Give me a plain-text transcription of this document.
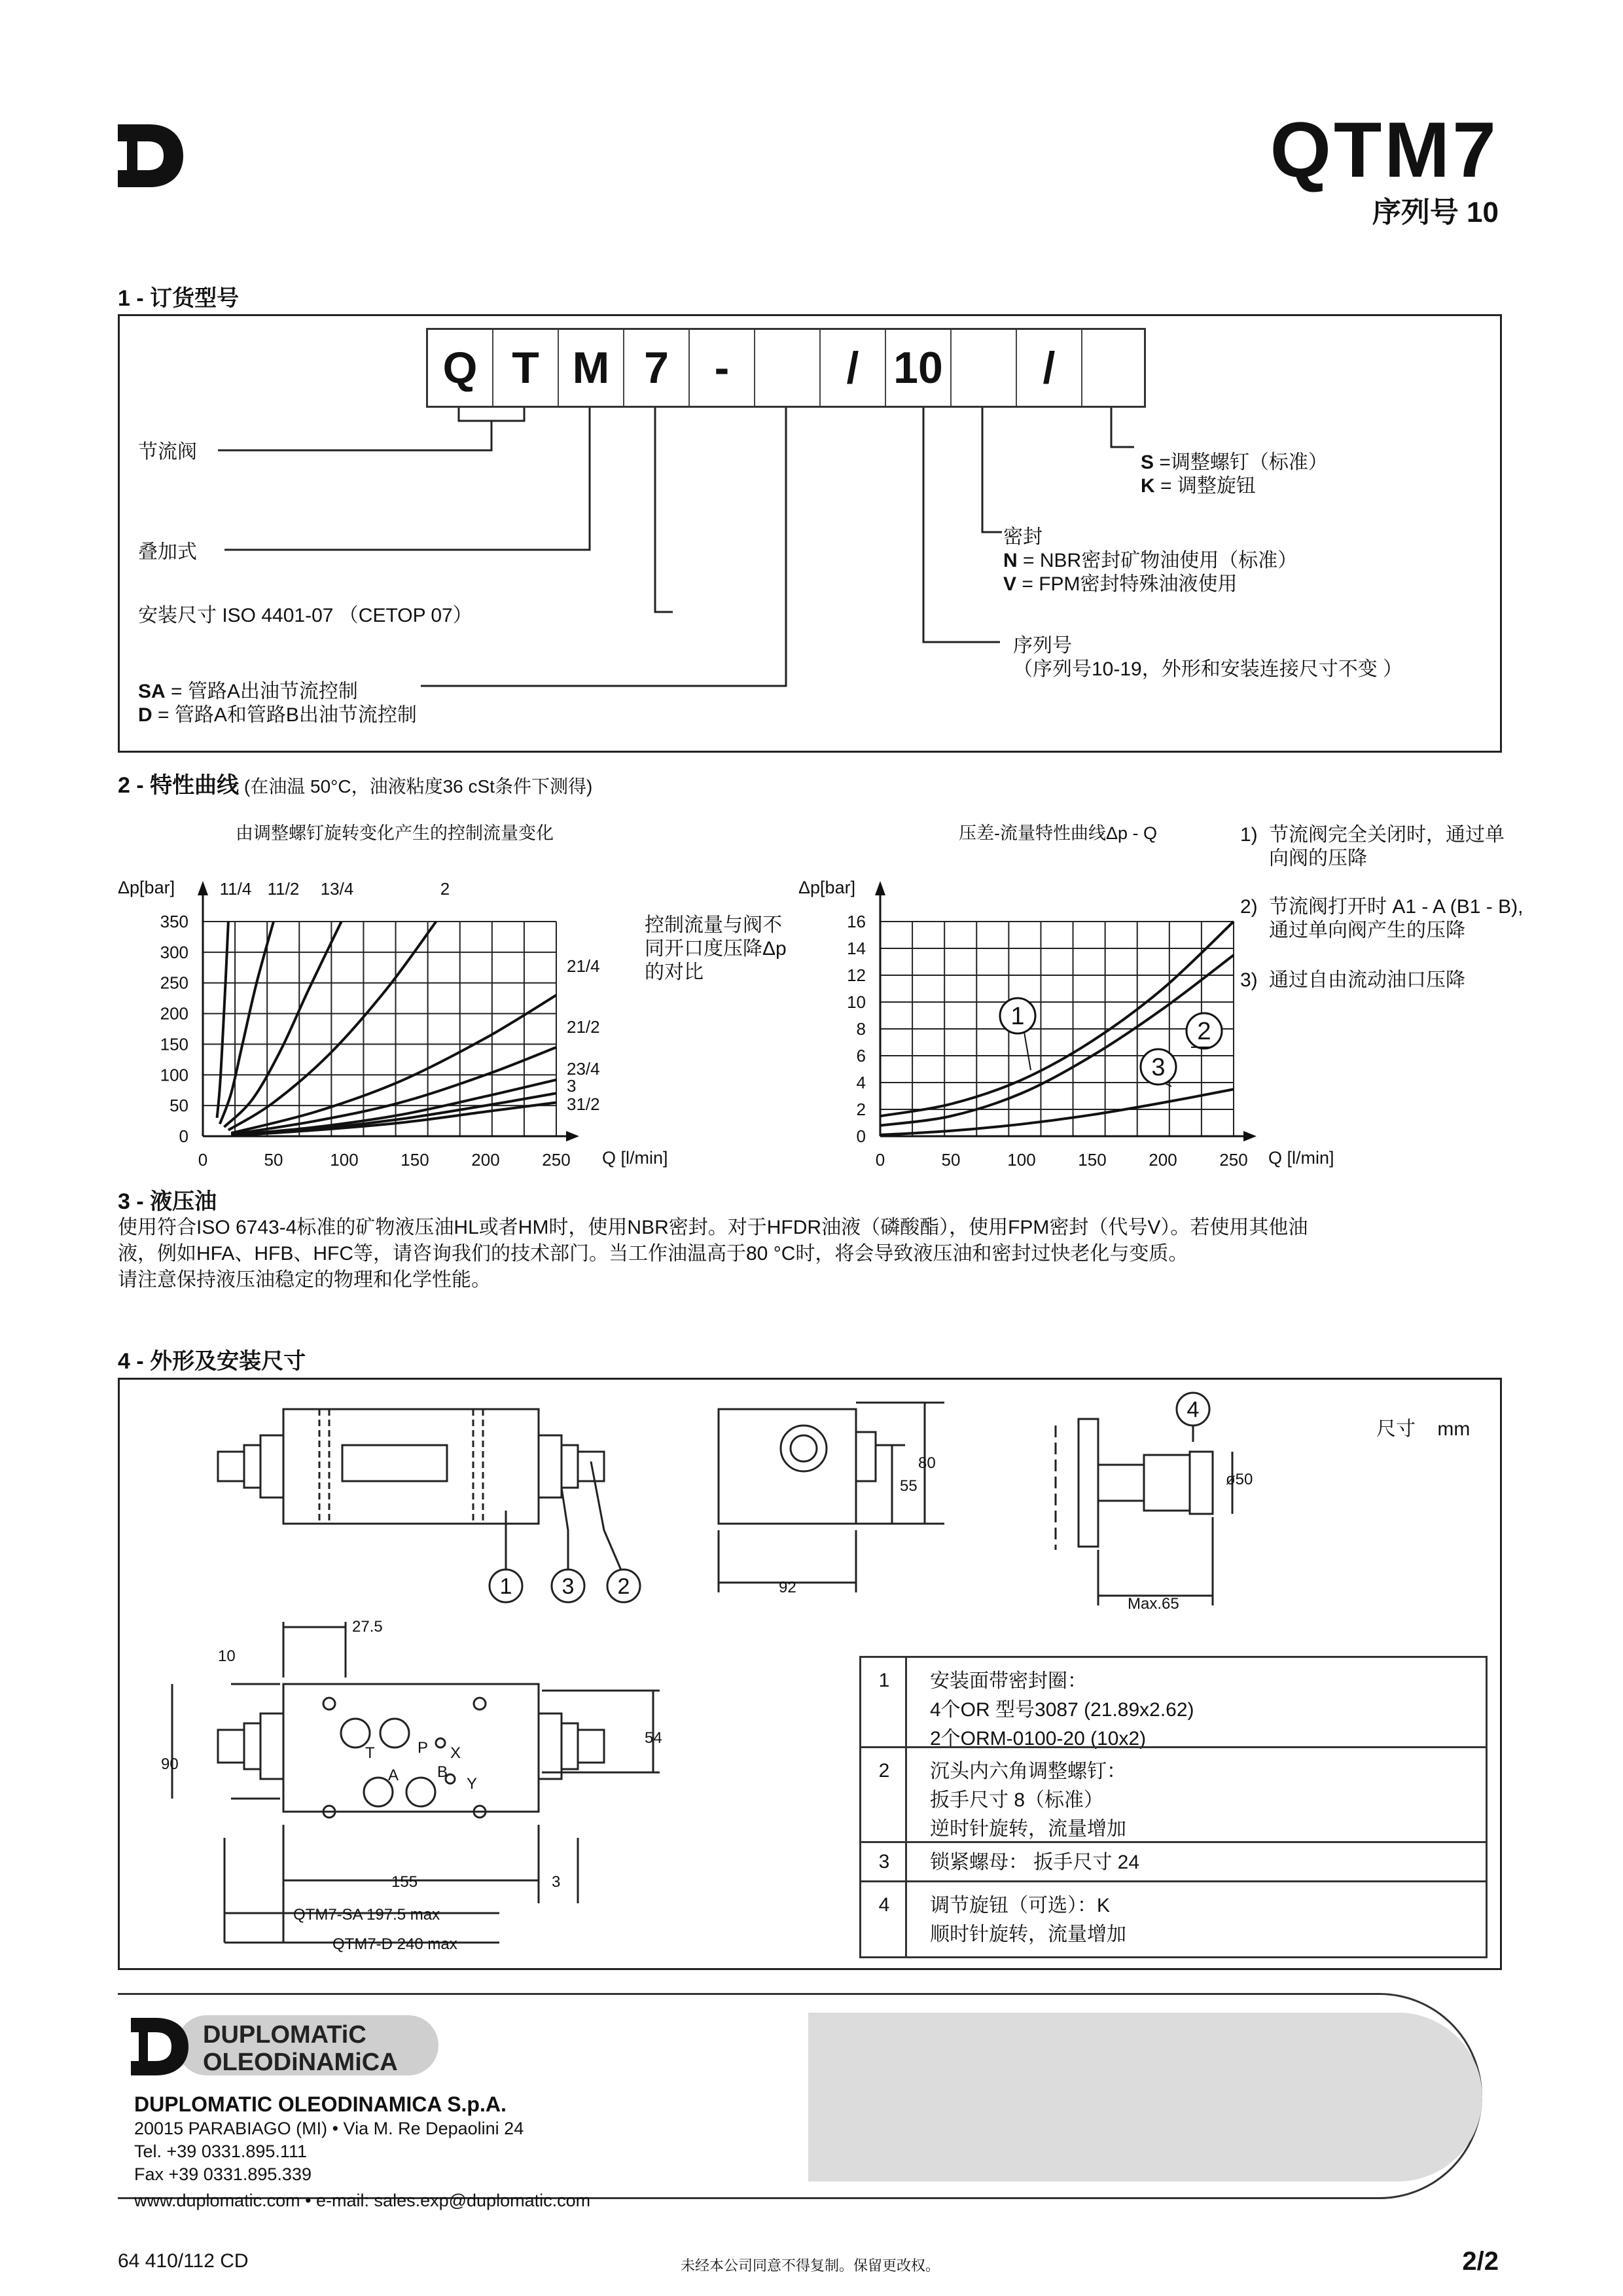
QTM7
序列号 10
1 - 订货型号
Q T M 7	-	/ 10	/
节流阀
叠加式
安装尺寸 ISO 4401-07 （CETOP 07）
SA = 管路A出油节流控制
D = 管路A和管路B出油节流控制
S =调整螺钉（标准）
K = 调整旋钮
密封
N = NBR密封矿物油使用（标准）
V = FPM密封特殊油液使用
序列号
（序列号10-19，外形和安装连接尺寸不变 ）
2 - 特性曲线 (在油温 50°C，油液粘度36 cSt条件下测得)
由调整螺钉旋转变化产生的控制流量变化
Δp[bar]
Q [l/min]
0	50	100 150 200 250
0
50
100
150
200
250
300
350
11/4 11/2 13/4	2
21/4
21/2
23/4
3
31/2
控制流量与阀不
同开口度压降Δp
的对比
压差-流量特性曲线Δp - Q
Δp[bar]
Q [l/min]
0	50	100 150 200 250
0
2
4
6
8
10
12
14
16
1
2
3
1) 节流阀完全关闭时，通过单
向阀的压降
2) 节流阀打开时 A1 - A (B1 - B),
通过单向阀产生的压降
3) 通过自由流动油口压降
3 - 液压油
使用符合ISO 6743-4标准的矿物液压油HL或者HM时，使用NBR密封。对于HFDR油液（磷酸酯），使用FPM密封（代号V）。若使用其他油
液，例如HFA、HFB、HFC等，请咨询我们的技术部门。当工作油温高于80 °C时，将会导致液压油和密封过快老化与变质。
请注意保持液压油稳定的物理和化学性能。
4 - 外形及安装尺寸
尺寸 mm
80
55
92
ø50
Max.65
27.5
10
90
54
155	3
QTM7-SA 197.5 max
QTM7-D 240 max
T	P X
A B
Y
1 3 2
4
1	安装面带密封圈：
4个OR 型号3087 (21.89x2.62)
2个ORM-0100-20 (10x2)
2	沉头内六角调整螺钉：
扳手尺寸 8（标准）
逆时针旋转，流量增加
3	锁紧螺母： 扳手尺寸 24
4	调节旋钮（可选）：K
顺时针旋转，流量增加
DUPLOMATiC
OLEODiNAMiCA
DUPLOMATIC OLEODINAMICA S.p.A.
20015 PARABIAGO (MI) • Via M. Re Depaolini 24
Tel. +39 0331.895.111
Fax +39 0331.895.339
www.duplomatic.com • e-mail: sales.exp@duplomatic.com
64 410/112 CD	未经本公司同意不得复制。保留更改权。	2/2
